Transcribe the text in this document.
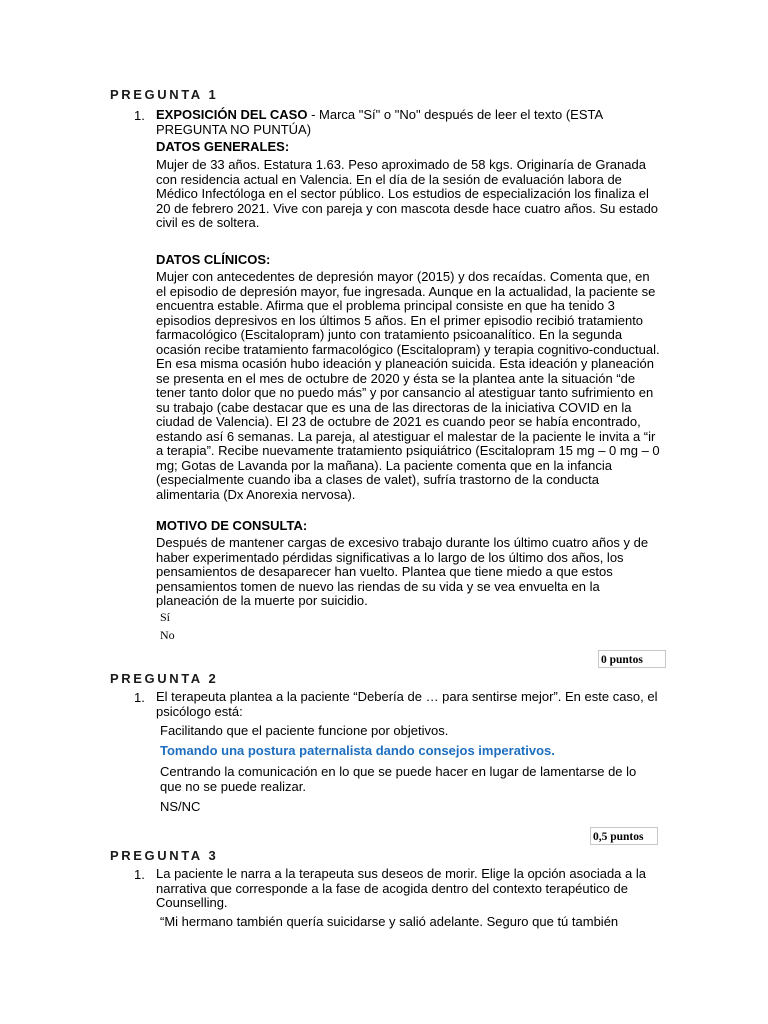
PREGUNTA 1
1. EXPOSICIÓN DEL CASO - Marca "Sí" o "No" después de leer el texto (ESTA PREGUNTA NO PUNTÚA)
DATOS GENERALES:
Mujer de 33 años. Estatura 1.63. Peso aproximado de 58 kgs. Originaría de Granada con residencia actual en Valencia. En el día de la sesión de evaluación labora de Médico Infectóloga en el sector público. Los estudios de especialización los finaliza el 20 de febrero 2021. Vive con pareja y con mascota desde hace cuatro años. Su estado civil es de soltera.
DATOS CLÍNICOS:
Mujer con antecedentes de depresión mayor (2015) y dos recaídas. Comenta que, en el episodio de depresión mayor, fue ingresada. Aunque en la actualidad, la paciente se encuentra estable. Afirma que el problema principal consiste en que ha tenido 3 episodios depresivos en los últimos 5 años. En el primer episodio recibió tratamiento farmacológico (Escitalopram) junto con tratamiento psicoanalítico. En la segunda ocasión recibe tratamiento farmacológico (Escitalopram) y terapia cognitivo-conductual. En esa misma ocasión hubo ideación y planeación suicida. Esta ideación y planeación se presenta en el mes de octubre de 2020 y ésta se la plantea ante la situación “de tener tanto dolor que no puedo más” y por cansancio al atestiguar tanto sufrimiento en su trabajo (cabe destacar que es una de las directoras de la iniciativa COVID en la ciudad de Valencia). El 23 de octubre de 2021 es cuando peor se había encontrado, estando así 6 semanas. La pareja, al atestiguar el malestar de la paciente le invita a “ir a terapia”. Recibe nuevamente tratamiento psiquiátrico (Escitalopram 15 mg – 0 mg – 0 mg; Gotas de Lavanda por la mañana). La paciente comenta que en la infancia (especialmente cuando iba a clases de valet), sufría trastorno de la conducta alimentaria (Dx Anorexia nervosa).
MOTIVO DE CONSULTA:
Después de mantener cargas de excesivo trabajo durante los último cuatro años y de haber experimentado pérdidas significativas a lo largo de los último dos años, los pensamientos de desaparecer han vuelto. Plantea que tiene miedo a que estos pensamientos tomen de nuevo las riendas de su vida y se vea envuelta en la planeación de la muerte por suicidio.
Sí
No
0 puntos
PREGUNTA 2
1. El terapeuta plantea a la paciente “Debería de … para sentirse mejor”. En este caso, el psicólogo está:
Facilitando que el paciente funcione por objetivos.
Tomando una postura paternalista dando consejos imperativos.
Centrando la comunicación en lo que se puede hacer en lugar de lamentarse de lo que no se puede realizar.
NS/NC
0,5 puntos
PREGUNTA 3
1. La paciente le narra a la terapeuta sus deseos de morir. Elige la opción asociada a la narrativa que corresponde a la fase de acogida dentro del contexto terapéutico de Counselling.
“Mi hermano también quería suicidarse y salió adelante. Seguro que tú también
